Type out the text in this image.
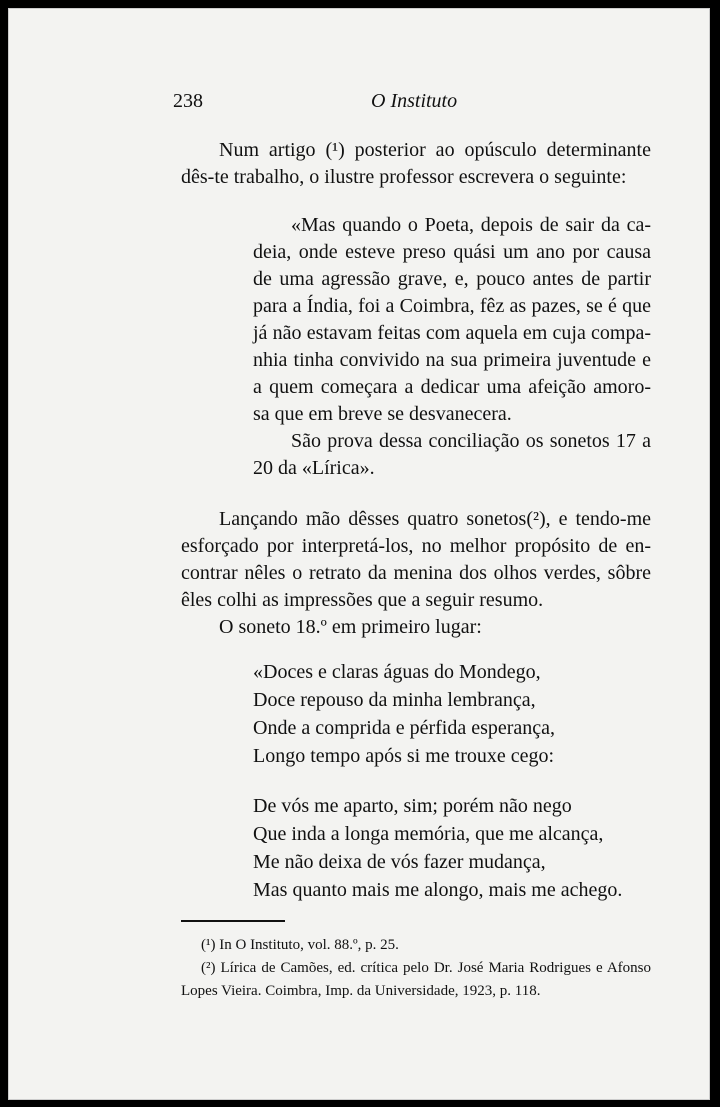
238	O Instituto

Num artigo (¹) posterior ao opúsculo determinante dês-te trabalho, o ilustre professor escrevera o seguinte:

«Mas quando o Poeta, depois de sair da ca-deia, onde esteve preso quási um ano por causa de uma agressão grave, e, pouco antes de partir para a Índia, foi a Coimbra, fêz as pazes, se é que já não estavam feitas com aquela em cuja compa-nhia tinha convivido na sua primeira juventude e a quem começara a dedicar uma afeição amoro-sa que em breve se desvanecera.

São prova dessa conciliação os sonetos 17 a 20 da «Lírica».

Lançando mão dêsses quatro sonetos(²), e tendo-me esforçado por interpretá-los, no melhor propósito de en-contrar nêles o retrato da menina dos olhos verdes, sôbre êles colhi as impressões que a seguir resumo.

O soneto 18.º em primeiro lugar:

«Doces e claras águas do Mondego,
Doce repouso da minha lembrança,
Onde a comprida e pérfida esperança,
Longo tempo após si me trouxe cego:
De vós me aparto, sim; porém não nego
Que inda a longa memória, que me alcança,
Me não deixa de vós fazer mudança,
Mas quanto mais me alongo, mais me achego.

(¹) In O Instituto, vol. 88.º, p. 25.

(²) Lírica de Camões, ed. crítica pelo Dr. José Maria Rodrigues e Afonso Lopes Vieira. Coimbra, Imp. da Universidade, 1923, p. 118.
